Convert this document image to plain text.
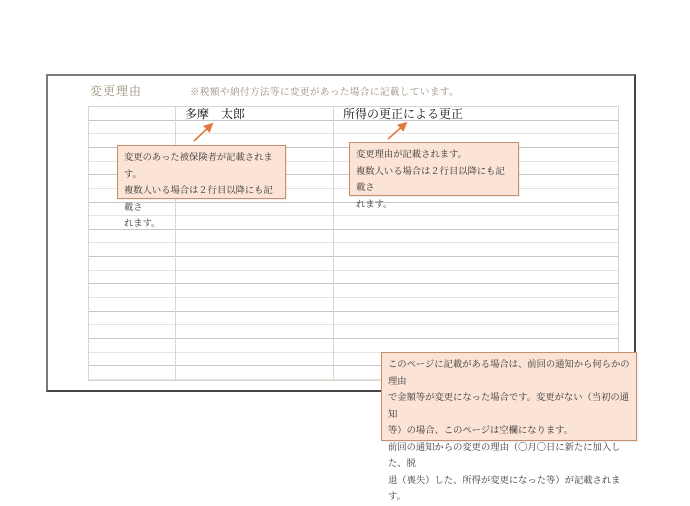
変更理由	※税額や納付方法等に変更があった場合に記載しています。
多摩　太郎	所得の更正による更正

変更のあった被保険者が記載されます。

複数人いる場合は２行目以降にも記載さ

れます。

変更理由が記載されます。

複数人いる場合は２行目以降にも記載さ

れます。

このページに記載がある場合は、前回の通知から何らかの理由

で金額等が変更になった場合です。変更がない（当初の通知

等）の場合、このページは空欄になります。

前回の通知からの変更の理由（〇月〇日に新たに加入した、脱

退（喪失）した、所得が変更になった等）が記載されます。
